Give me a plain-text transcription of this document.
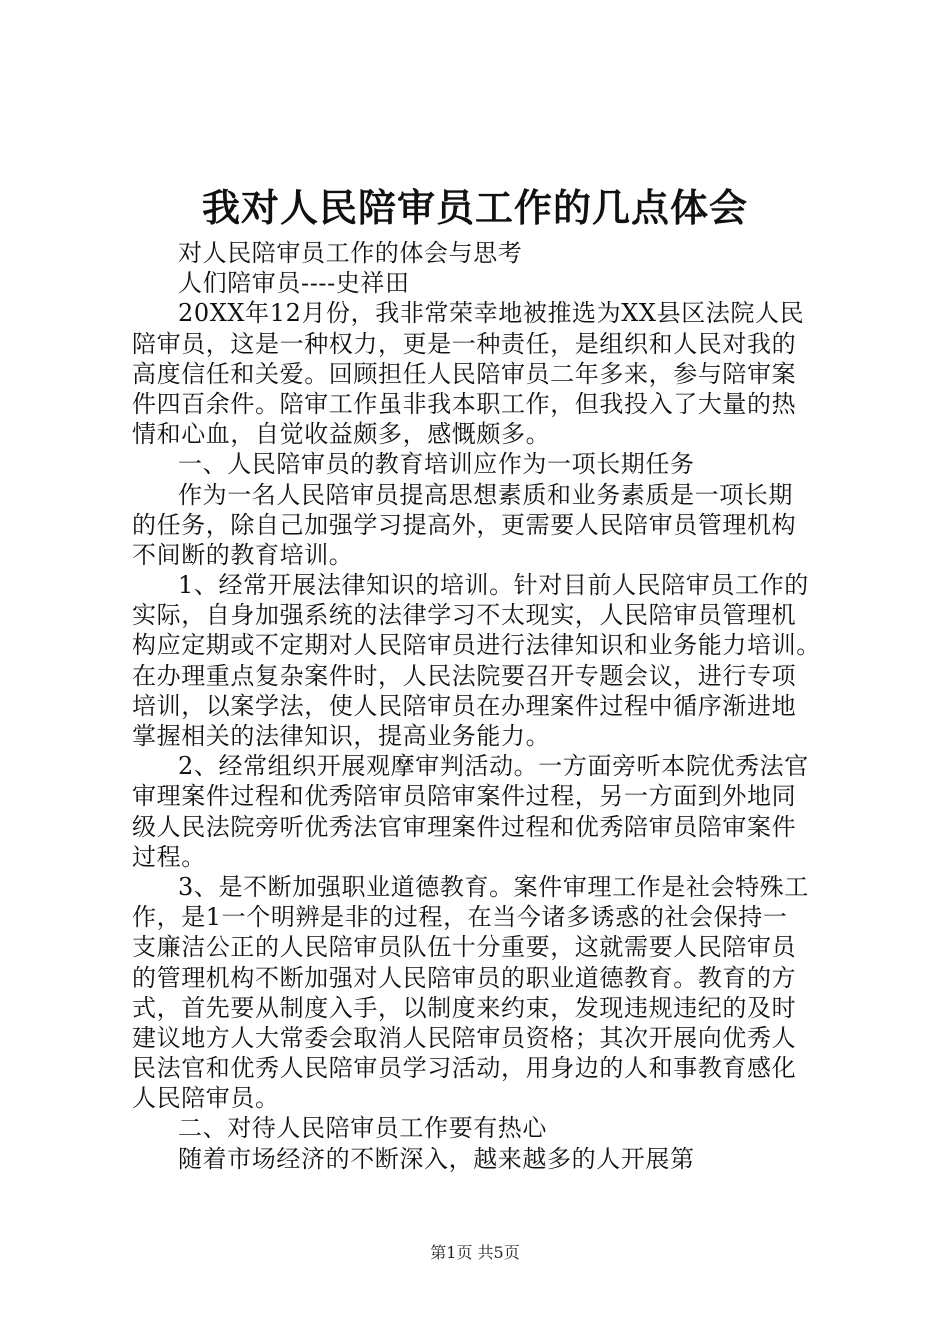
我对人民陪审员工作的几点体会
对人民陪审员工作的体会与思考
人们陪审员----史祥田
20XX年12月份，我非常荣幸地被推选为XX县区法院人民
陪审员，这是一种权力，更是一种责任，是组织和人民对我的
高度信任和关爱。回顾担任人民陪审员二年多来，参与陪审案
件四百余件。陪审工作虽非我本职工作，但我投入了大量的热
情和心血，自觉收益颇多，感慨颇多。
一、人民陪审员的教育培训应作为一项长期任务
作为一名人民陪审员提高思想素质和业务素质是一项长期
的任务，除自己加强学习提高外，更需要人民陪审员管理机构
不间断的教育培训。
1、经常开展法律知识的培训。针对目前人民陪审员工作的
实际，自身加强系统的法律学习不太现实，人民陪审员管理机
构应定期或不定期对人民陪审员进行法律知识和业务能力培训。
在办理重点复杂案件时，人民法院要召开专题会议，进行专项
培训，以案学法，使人民陪审员在办理案件过程中循序渐进地
掌握相关的法律知识，提高业务能力。
2、经常组织开展观摩审判活动。一方面旁听本院优秀法官
审理案件过程和优秀陪审员陪审案件过程，另一方面到外地同
级人民法院旁听优秀法官审理案件过程和优秀陪审员陪审案件
过程。
3、是不断加强职业道德教育。案件审理工作是社会特殊工
作，是1一个明辨是非的过程，在当今诸多诱惑的社会保持一
支廉洁公正的人民陪审员队伍十分重要，这就需要人民陪审员
的管理机构不断加强对人民陪审员的职业道德教育。教育的方
式，首先要从制度入手，以制度来约束，发现违规违纪的及时
建议地方人大常委会取消人民陪审员资格；其次开展向优秀人
民法官和优秀人民陪审员学习活动，用身边的人和事教育感化
人民陪审员。
二、对待人民陪审员工作要有热心
随着市场经济的不断深入，越来越多的人开展第
第1页 共5页
